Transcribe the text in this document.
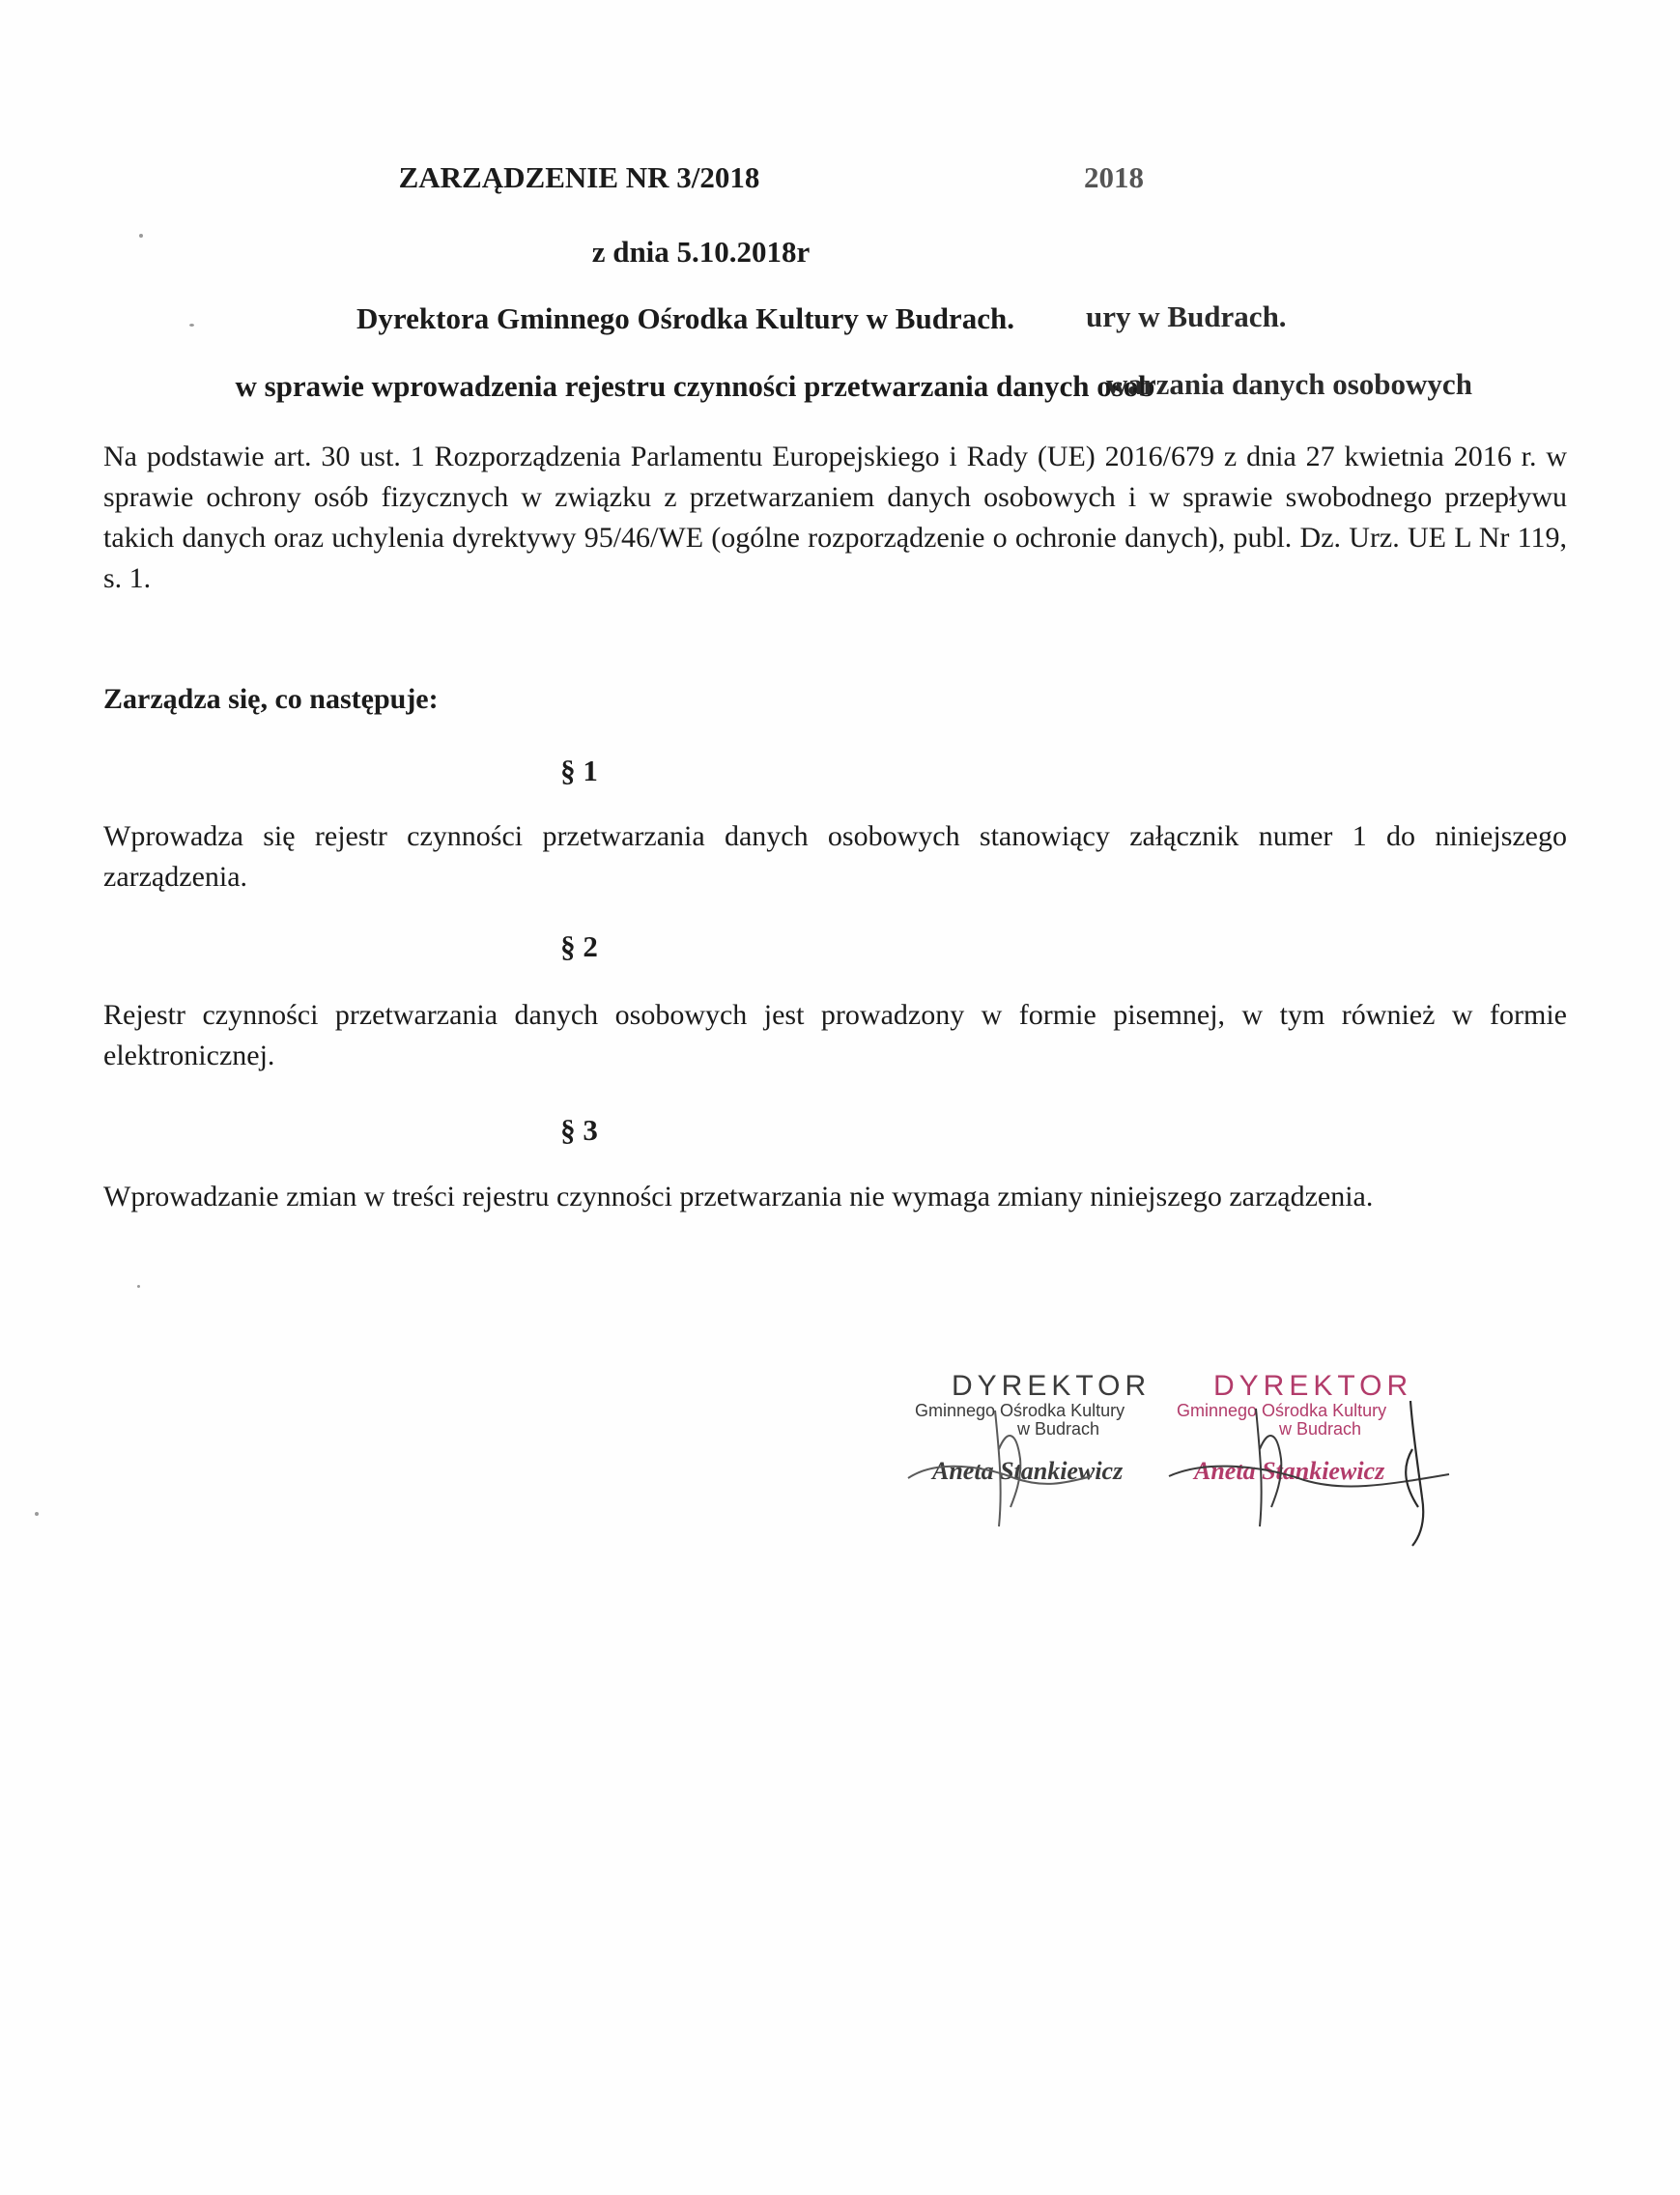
ZARZĄDZENIE NR 3/2018	2018
z dnia 5.10.2018r
Dyrektora Gminnego Ośrodka Kultury w Budrach.	ury w Budrach.
w sprawie wprowadzenia rejestru czynności przetwarzania danych osob
warzania danych osobowych
Na podstawie art. 30 ust. 1 Rozporządzenia Parlamentu Europejskiego i Rady (UE) 2016/679 z dnia 27 kwietnia 2016 r. w sprawie ochrony osób fizycznych w związku z przetwarzaniem danych osobowych i w sprawie swobodnego przepływu takich danych oraz uchylenia dyrektywy 95/46/WE (ogólne rozporządzenie o ochronie danych), publ. Dz. Urz. UE L Nr 119, s. 1.
Zarządza się, co następuje:
§ 1
Wprowadza się rejestr czynności przetwarzania danych osobowych stanowiący załącznik numer 1 do niniejszego zarządzenia.
§ 2
Rejestr czynności przetwarzania danych osobowych jest prowadzony w formie pisemnej, w tym również w formie elektronicznej.
§ 3
Wprowadzanie zmian w treści rejestru czynności przetwarzania nie wymaga zmiany niniejszego zarządzenia.
DYREKTOR
Gminnego Ośrodka Kultury
w Budrach
Aneta Stankiewicz
DYREKTOR
Gminnego Ośrodka Kultury
w Budrach
Aneta Stankiewicz
